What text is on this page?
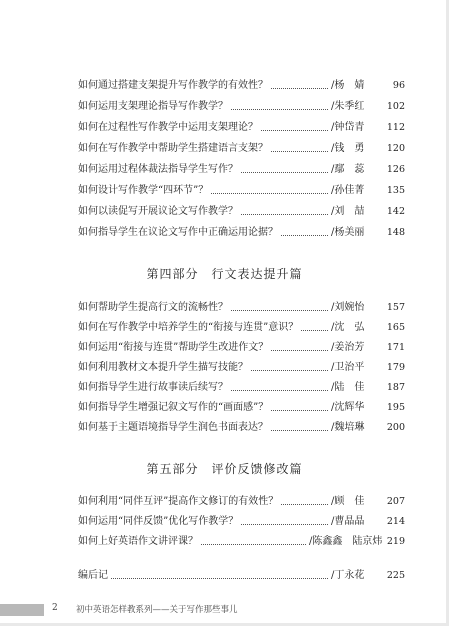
如何通过搭建支架提升写作教学的有效性？	/杨　婧	96
如何运用支架理论指导写作教学？	/朱季红	102
如何在过程性写作教学中运用支架理论？	/钟岱青	112
如何在写作教学中帮助学生搭建语言支架？	/钱　勇	120
如何运用过程体裁法指导学生写作？	/鄢　蕊	126
如何设计写作教学“四环节”？	/孙佳菁	135
如何以读促写开展议论文写作教学？	/刘　喆	142
如何指导学生在议论文写作中正确运用论据？	/杨美丽	148
第四部分　行文表达提升篇
如何帮助学生提高行文的流畅性？	/刘婉怡	157
如何在写作教学中培养学生的“衔接与连贯”意识？	/沈　弘	165
如何运用“衔接与连贯”帮助学生改进作文？	/姜治芳	171
如何利用教材文本提升学生描写技能？	/卫治平	179
如何指导学生进行故事读后续写？	/陆　佳	187
如何指导学生增强记叙文写作的“画面感”？	/沈辉华	195
如何基于主题语境指导学生润色书面表达？	/魏培琳	200
第五部分　评价反馈修改篇
如何利用“同伴互评”提高作文修订的有效性？	/顾　佳	207
如何运用“同伴反馈”优化写作教学？	/曹晶晶	214
如何上好英语作文讲评课？	/陈鑫鑫　陆京炜 219
编后记	/丁永花	225
2 初中英语怎样教系列——关于写作那些事儿
